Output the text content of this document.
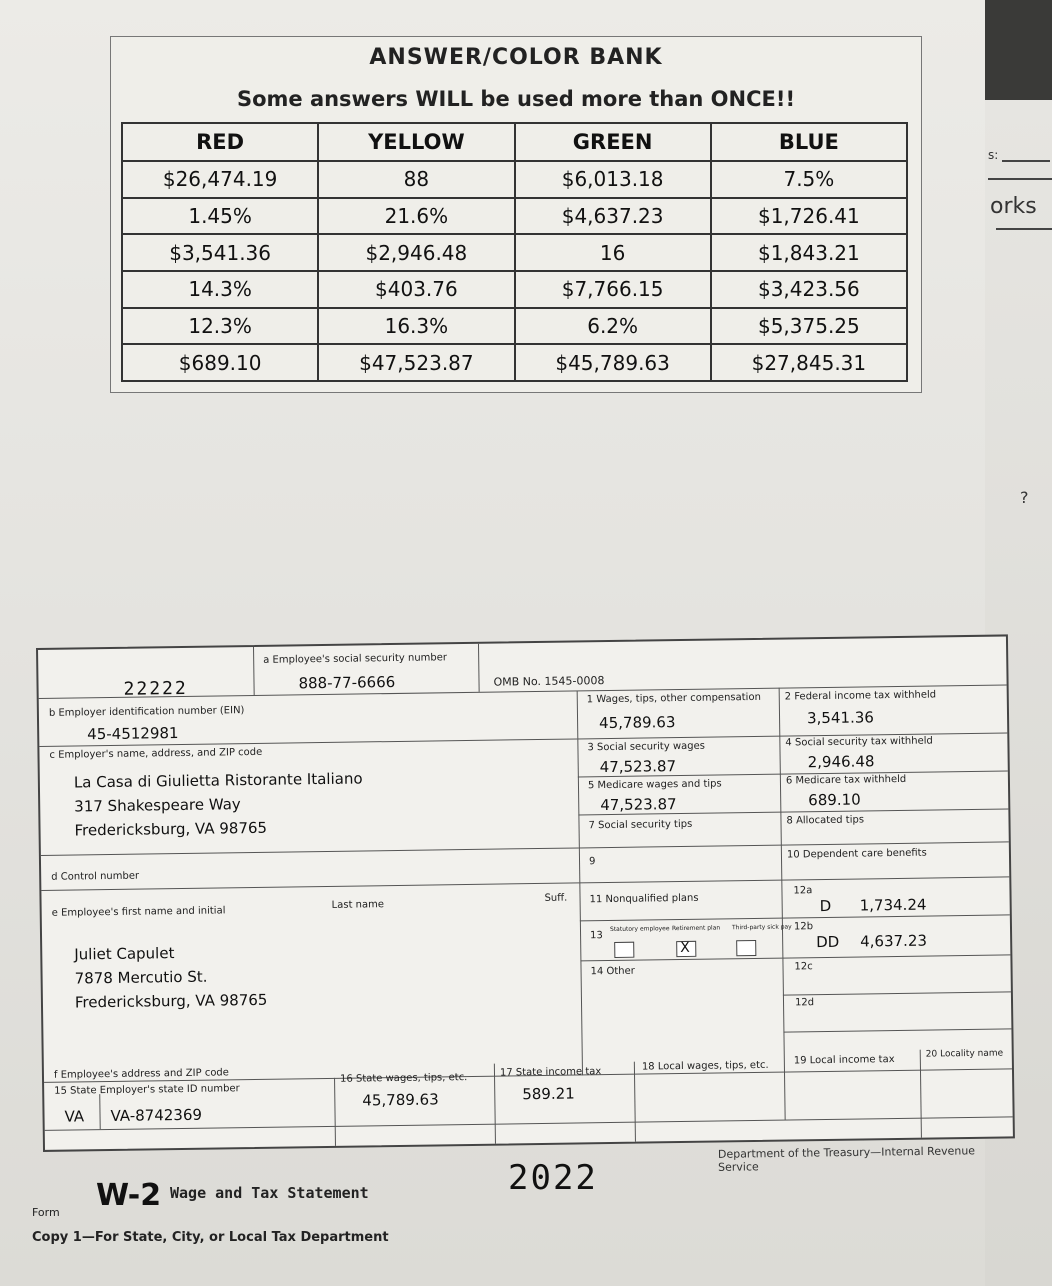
ANSWER/COLOR BANK
Some answers WILL be used more than ONCE!!
RED	YELLOW	GREEN	BLUE
$26,474.19	88	$6,013.18	7.5%
1.45%	21.6%	$4,637.23	$1,726.41
$3,541.36	$2,946.48	16	$1,843.21
14.3%	$403.76	$7,766.15	$3,423.56
12.3%	16.3%	6.2%	$5,375.25
$689.10	$47,523.87	$45,789.63	$27,845.31
22222
a Employee's social security number
888-77-6666	OMB No. 1545-0008
b Employer identification number (EIN)
45-4512981
c Employer's name, address, and ZIP code
La Casa di Giulietta Ristorante Italiano
317 Shakespeare Way
Fredericksburg, VA 98765
d Control number
e Employee's first name and initial
Last name
Suff.
Juliet Capulet
7878 Mercutio St.
Fredericksburg, VA 98765
f Employee's address and ZIP code
1 Wages, tips, other compensation
45,789.63
2 Federal income tax withheld
3,541.36
3 Social security wages
47,523.87
4 Social security tax withheld
2,946.48
5 Medicare wages and tips
47,523.87
6 Medicare tax withheld
689.10
7 Social security tips	8 Allocated tips
9
10 Dependent care benefits
11 Nonqualified plans
12a
D 1,734.24
13
Statutory employee Retirement plan Third-party sick pay
X
12b
DD 4,637.23
14 Other	12c
12d
15 State Employer's state ID number
VA VA-8742369
16 State wages, tips, etc.
45,789.63
17 State income tax
589.21
18 Local wages, tips, etc.	19 Local income tax	20 Locality name
Department of the Treasury—Internal Revenue Service
Form W-2 Wage and Tax Statement	2022
Copy 1—For State, City, or Local Tax Department
s:
orks
?
